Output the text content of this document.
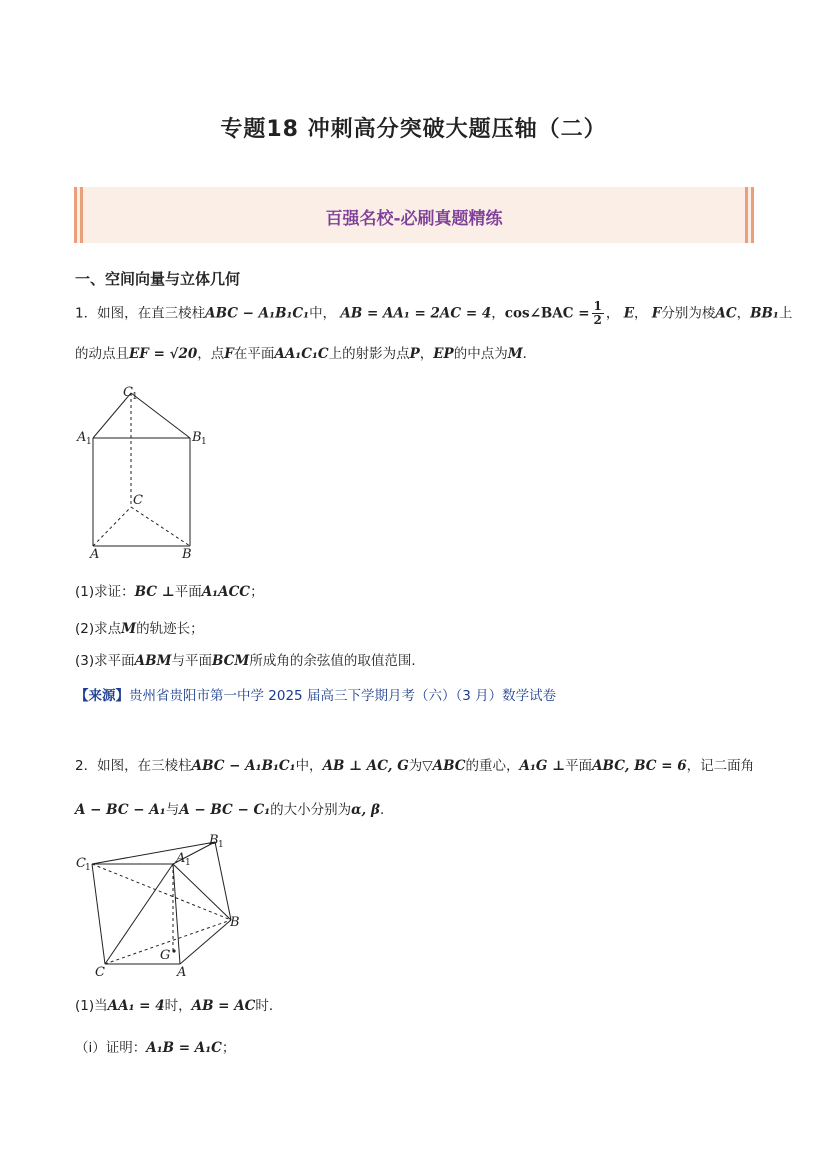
专题18 冲刺高分突破大题压轴（二）
百强名校-必刷真题精练
一、空间向量与立体几何
1．如图，在直三棱柱ABC − A₁B₁C₁中， AB = AA₁ = 2AC = 4，cos∠BAC = $\frac{1}{2}$ ， E， F分别为棱AC，BB₁上
的动点且EF = √20，点F在平面AA₁C₁C上的射影为点P，EP的中点为M．
C 1
A 1	B 1
C
A	B
(1)求证：BC ⊥平面A₁ACC；
(2)求点M的轨迹长；
(3)求平面ABM与平面BCM所成角的余弦值的取值范围．
【来源】贵州省贵阳市第一中学 2025 届高三下学期月考（六）（3 月）数学试卷
2．如图，在三棱柱ABC − A₁B₁C₁中，AB ⊥ AC, G为▽ABC的重心，A₁G ⊥平面ABC, BC = 6，记二面角
A − BC − A₁与A − BC − C₁的大小分别为α, β．
B 1
C 1
A 1
B
G
C	A
(1)当AA₁ = 4时，AB = AC时．
（i）证明：A₁B = A₁C；
